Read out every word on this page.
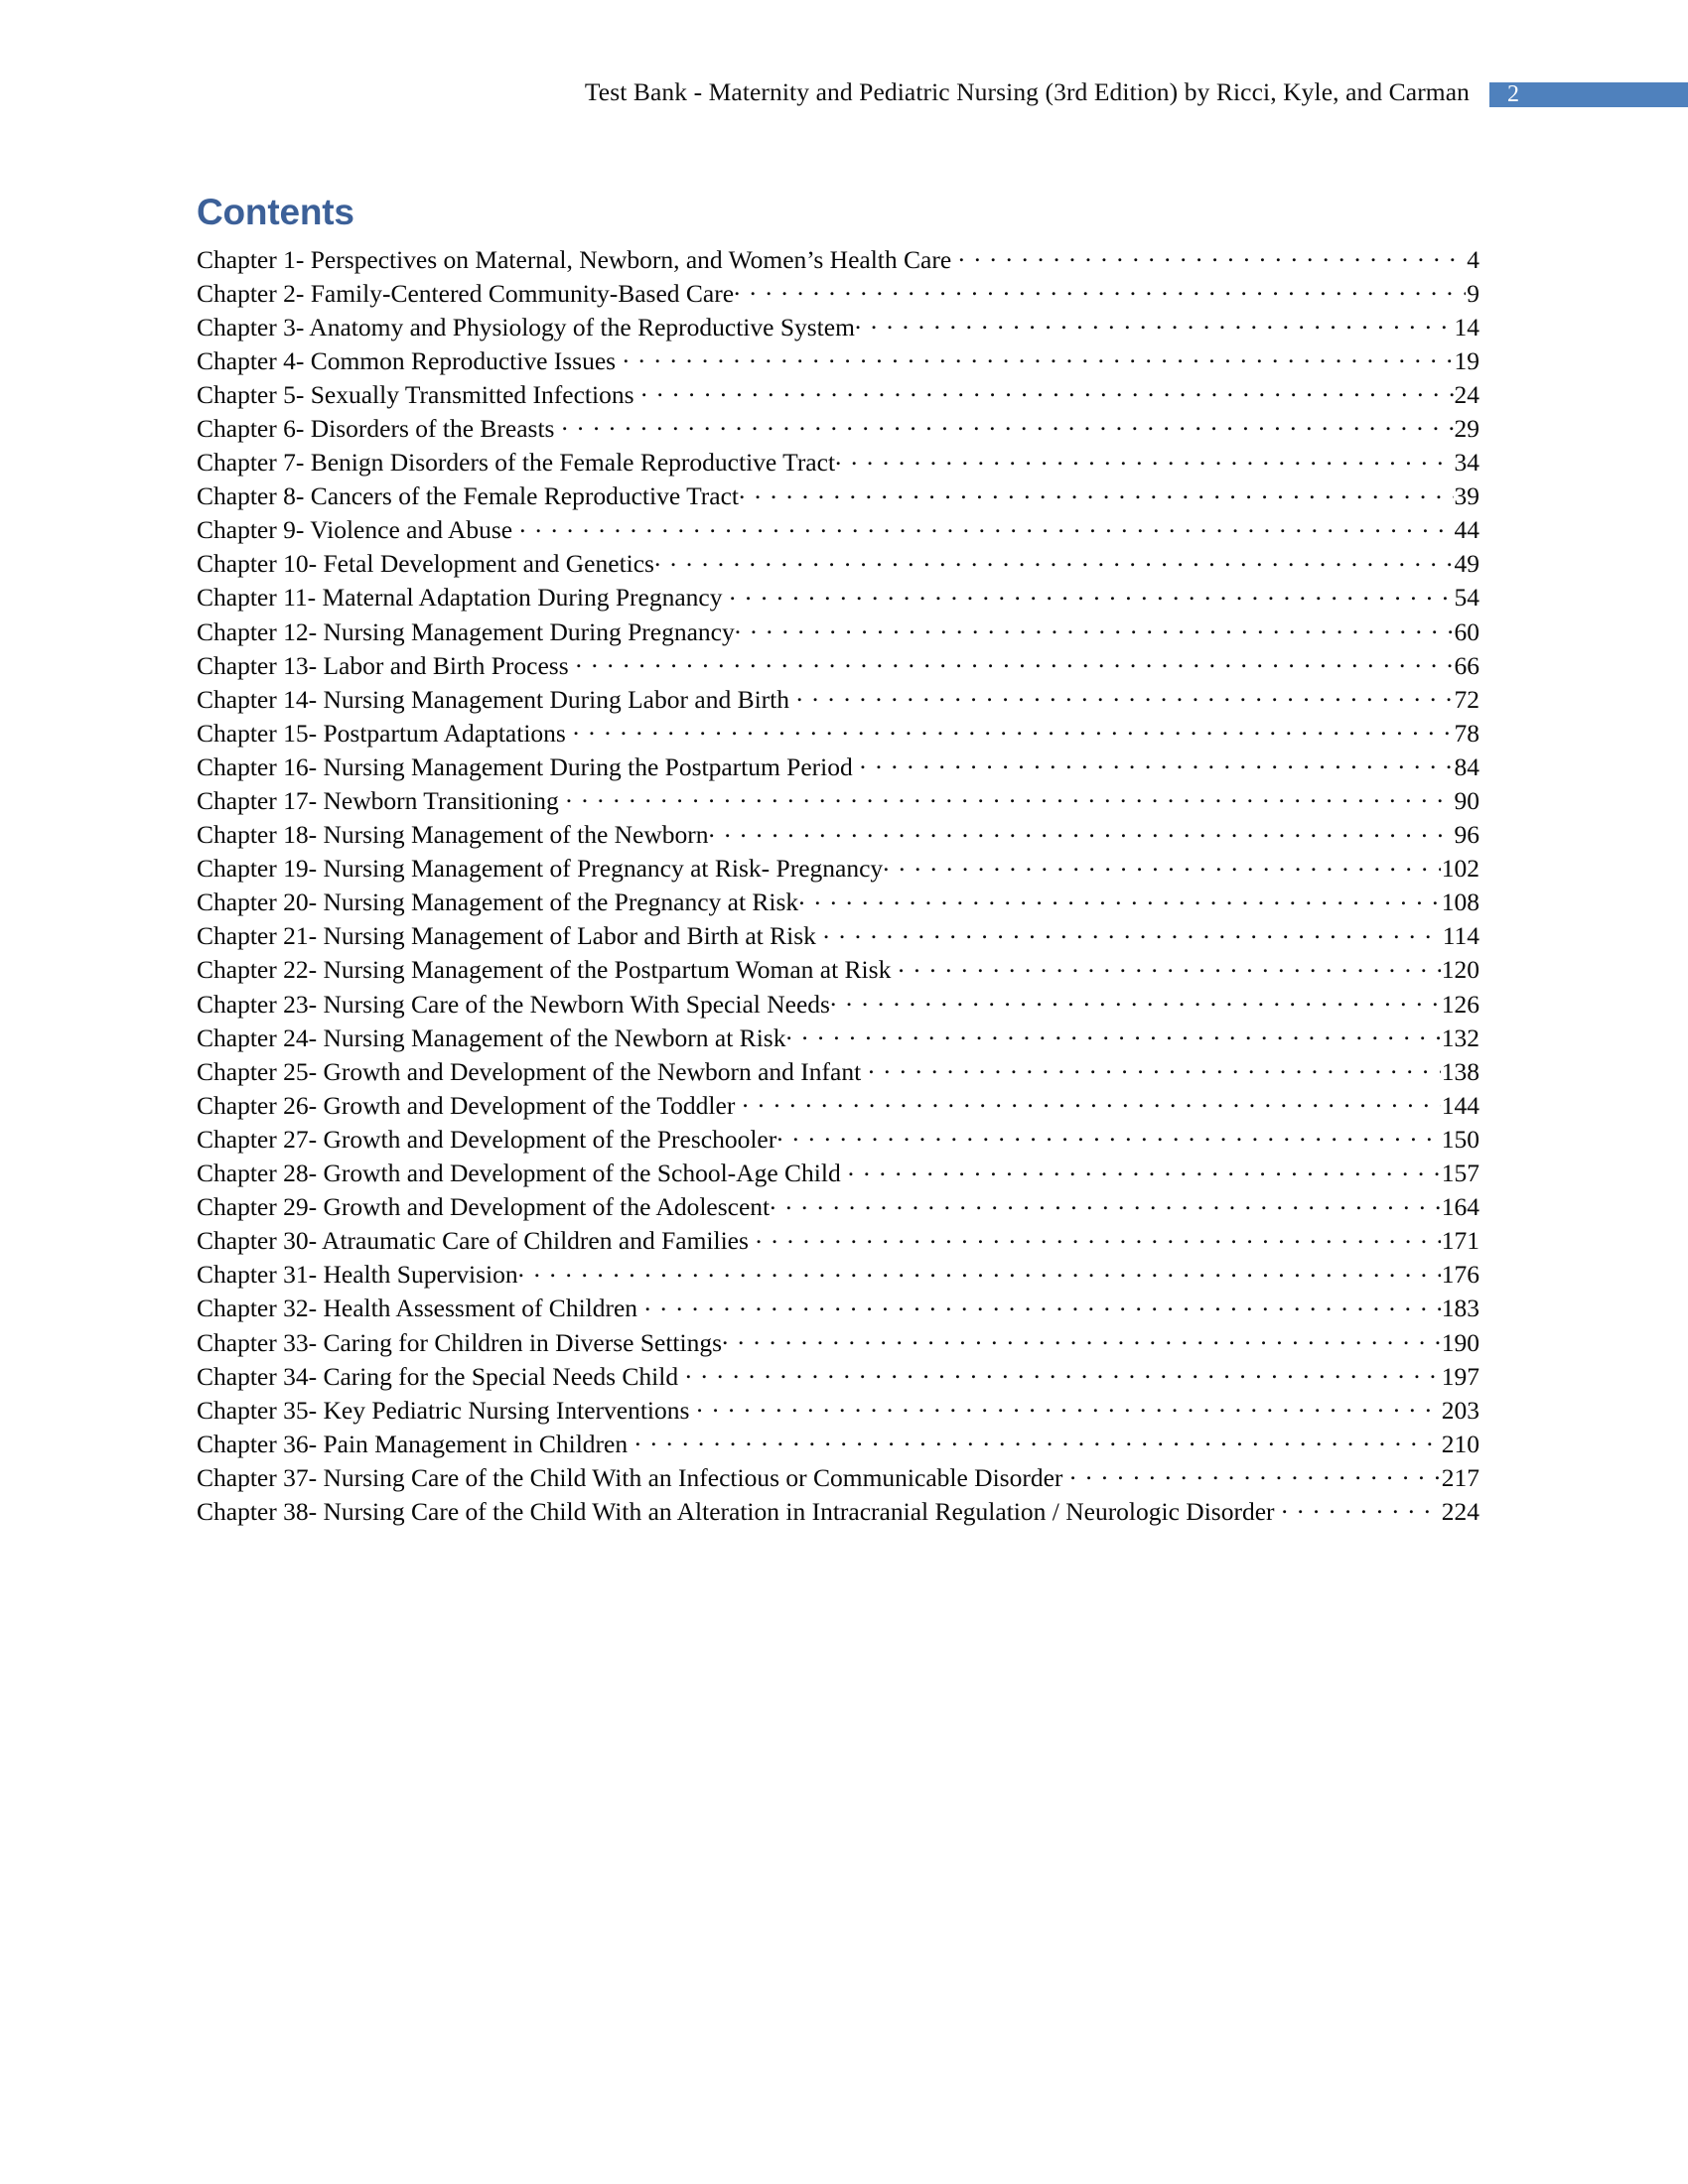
Test Bank - Maternity and Pediatric Nursing (3rd Edition) by Ricci, Kyle, and Carman 2
Contents
Chapter 1- Perspectives on Maternal, Newborn, and Women’s Health Care . . .	4
Chapter 2- Family-Centered Community-Based Care . . .	9
Chapter 3- Anatomy and Physiology of the Reproductive System . . .	14
Chapter 4- Common Reproductive Issues . . .	19
Chapter 5- Sexually Transmitted Infections . . .	24
Chapter 6- Disorders of the Breasts . . .	29
Chapter 7- Benign Disorders of the Female Reproductive Tract . . .	34
Chapter 8- Cancers of the Female Reproductive Tract . . .	39
Chapter 9- Violence and Abuse . . .	44
Chapter 10- Fetal Development and Genetics . . .	49
Chapter 11- Maternal Adaptation During Pregnancy . . .	54
Chapter 12- Nursing Management During Pregnancy . . .	60
Chapter 13- Labor and Birth Process . . .	66
Chapter 14- Nursing Management During Labor and Birth . . .	72
Chapter 15- Postpartum Adaptations . . .	78
Chapter 16- Nursing Management During the Postpartum Period . . .	84
Chapter 17- Newborn Transitioning . . .	90
Chapter 18- Nursing Management of the Newborn . . .	96
Chapter 19- Nursing Management of Pregnancy at Risk- Pregnancy . . .	102
Chapter 20- Nursing Management of the Pregnancy at Risk . . .	108
Chapter 21- Nursing Management of Labor and Birth at Risk . . .	114
Chapter 22- Nursing Management of the Postpartum Woman at Risk . . .	120
Chapter 23- Nursing Care of the Newborn With Special Needs . . .	126
Chapter 24- Nursing Management of the Newborn at Risk . . .	132
Chapter 25- Growth and Development of the Newborn and Infant . . .	138
Chapter 26- Growth and Development of the Toddler . . .	144
Chapter 27- Growth and Development of the Preschooler . . .	150
Chapter 28- Growth and Development of the School-Age Child . . .	157
Chapter 29- Growth and Development of the Adolescent . . .	164
Chapter 30- Atraumatic Care of Children and Families . . .	171
Chapter 31- Health Supervision . . .	176
Chapter 32- Health Assessment of Children . . .	183
Chapter 33- Caring for Children in Diverse Settings . . .	190
Chapter 34- Caring for the Special Needs Child . . .	197
Chapter 35- Key Pediatric Nursing Interventions . . .	203
Chapter 36- Pain Management in Children . . .	210
Chapter 37- Nursing Care of the Child With an Infectious or Communicable Disorder . . .	217
Chapter 38- Nursing Care of the Child With an Alteration in Intracranial Regulation / Neurologic Disorder . . .	224
